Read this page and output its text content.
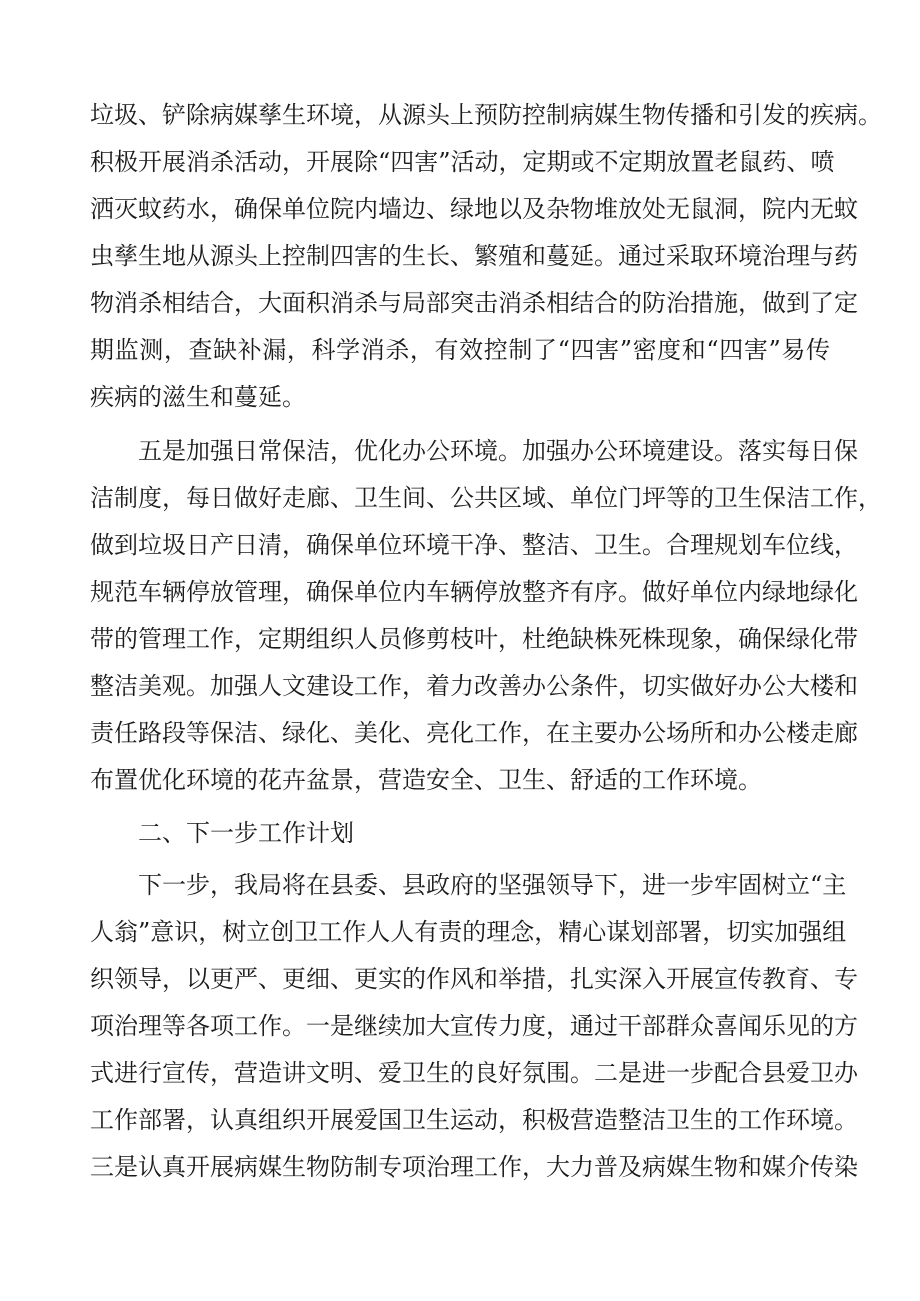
垃圾、铲除病媒孳生环境，从源头上预防控制病媒生物传播和引发的疾病。
积极开展消杀活动，开展除“四害”活动，定期或不定期放置老鼠药、喷
洒灭蚊药水，确保单位院内墙边、绿地以及杂物堆放处无鼠洞，院内无蚊
虫孳生地从源头上控制四害的生长、繁殖和蔓延。通过采取环境治理与药
物消杀相结合，大面积消杀与局部突击消杀相结合的防治措施，做到了定
期监测，查缺补漏，科学消杀，有效控制了“四害”密度和“四害”易传
疾病的滋生和蔓延。
五是加强日常保洁，优化办公环境。加强办公环境建设。落实每日保
洁制度，每日做好走廊、卫生间、公共区域、单位门坪等的卫生保洁工作，
做到垃圾日产日清，确保单位环境干净、整洁、卫生。合理规划车位线，
规范车辆停放管理，确保单位内车辆停放整齐有序。做好单位内绿地绿化
带的管理工作，定期组织人员修剪枝叶，杜绝缺株死株现象，确保绿化带
整洁美观。加强人文建设工作，着力改善办公条件，切实做好办公大楼和
责任路段等保洁、绿化、美化、亮化工作，在主要办公场所和办公楼走廊
布置优化环境的花卉盆景，营造安全、卫生、舒适的工作环境。
二、下一步工作计划
下一步，我局将在县委、县政府的坚强领导下，进一步牢固树立“主
人翁”意识，树立创卫工作人人有责的理念，精心谋划部署，切实加强组
织领导，以更严、更细、更实的作风和举措，扎实深入开展宣传教育、专
项治理等各项工作。一是继续加大宣传力度，通过干部群众喜闻乐见的方
式进行宣传，营造讲文明、爱卫生的良好氛围。二是进一步配合县爱卫办
工作部署，认真组织开展爱国卫生运动，积极营造整洁卫生的工作环境。
三是认真开展病媒生物防制专项治理工作，大力普及病媒生物和媒介传染
